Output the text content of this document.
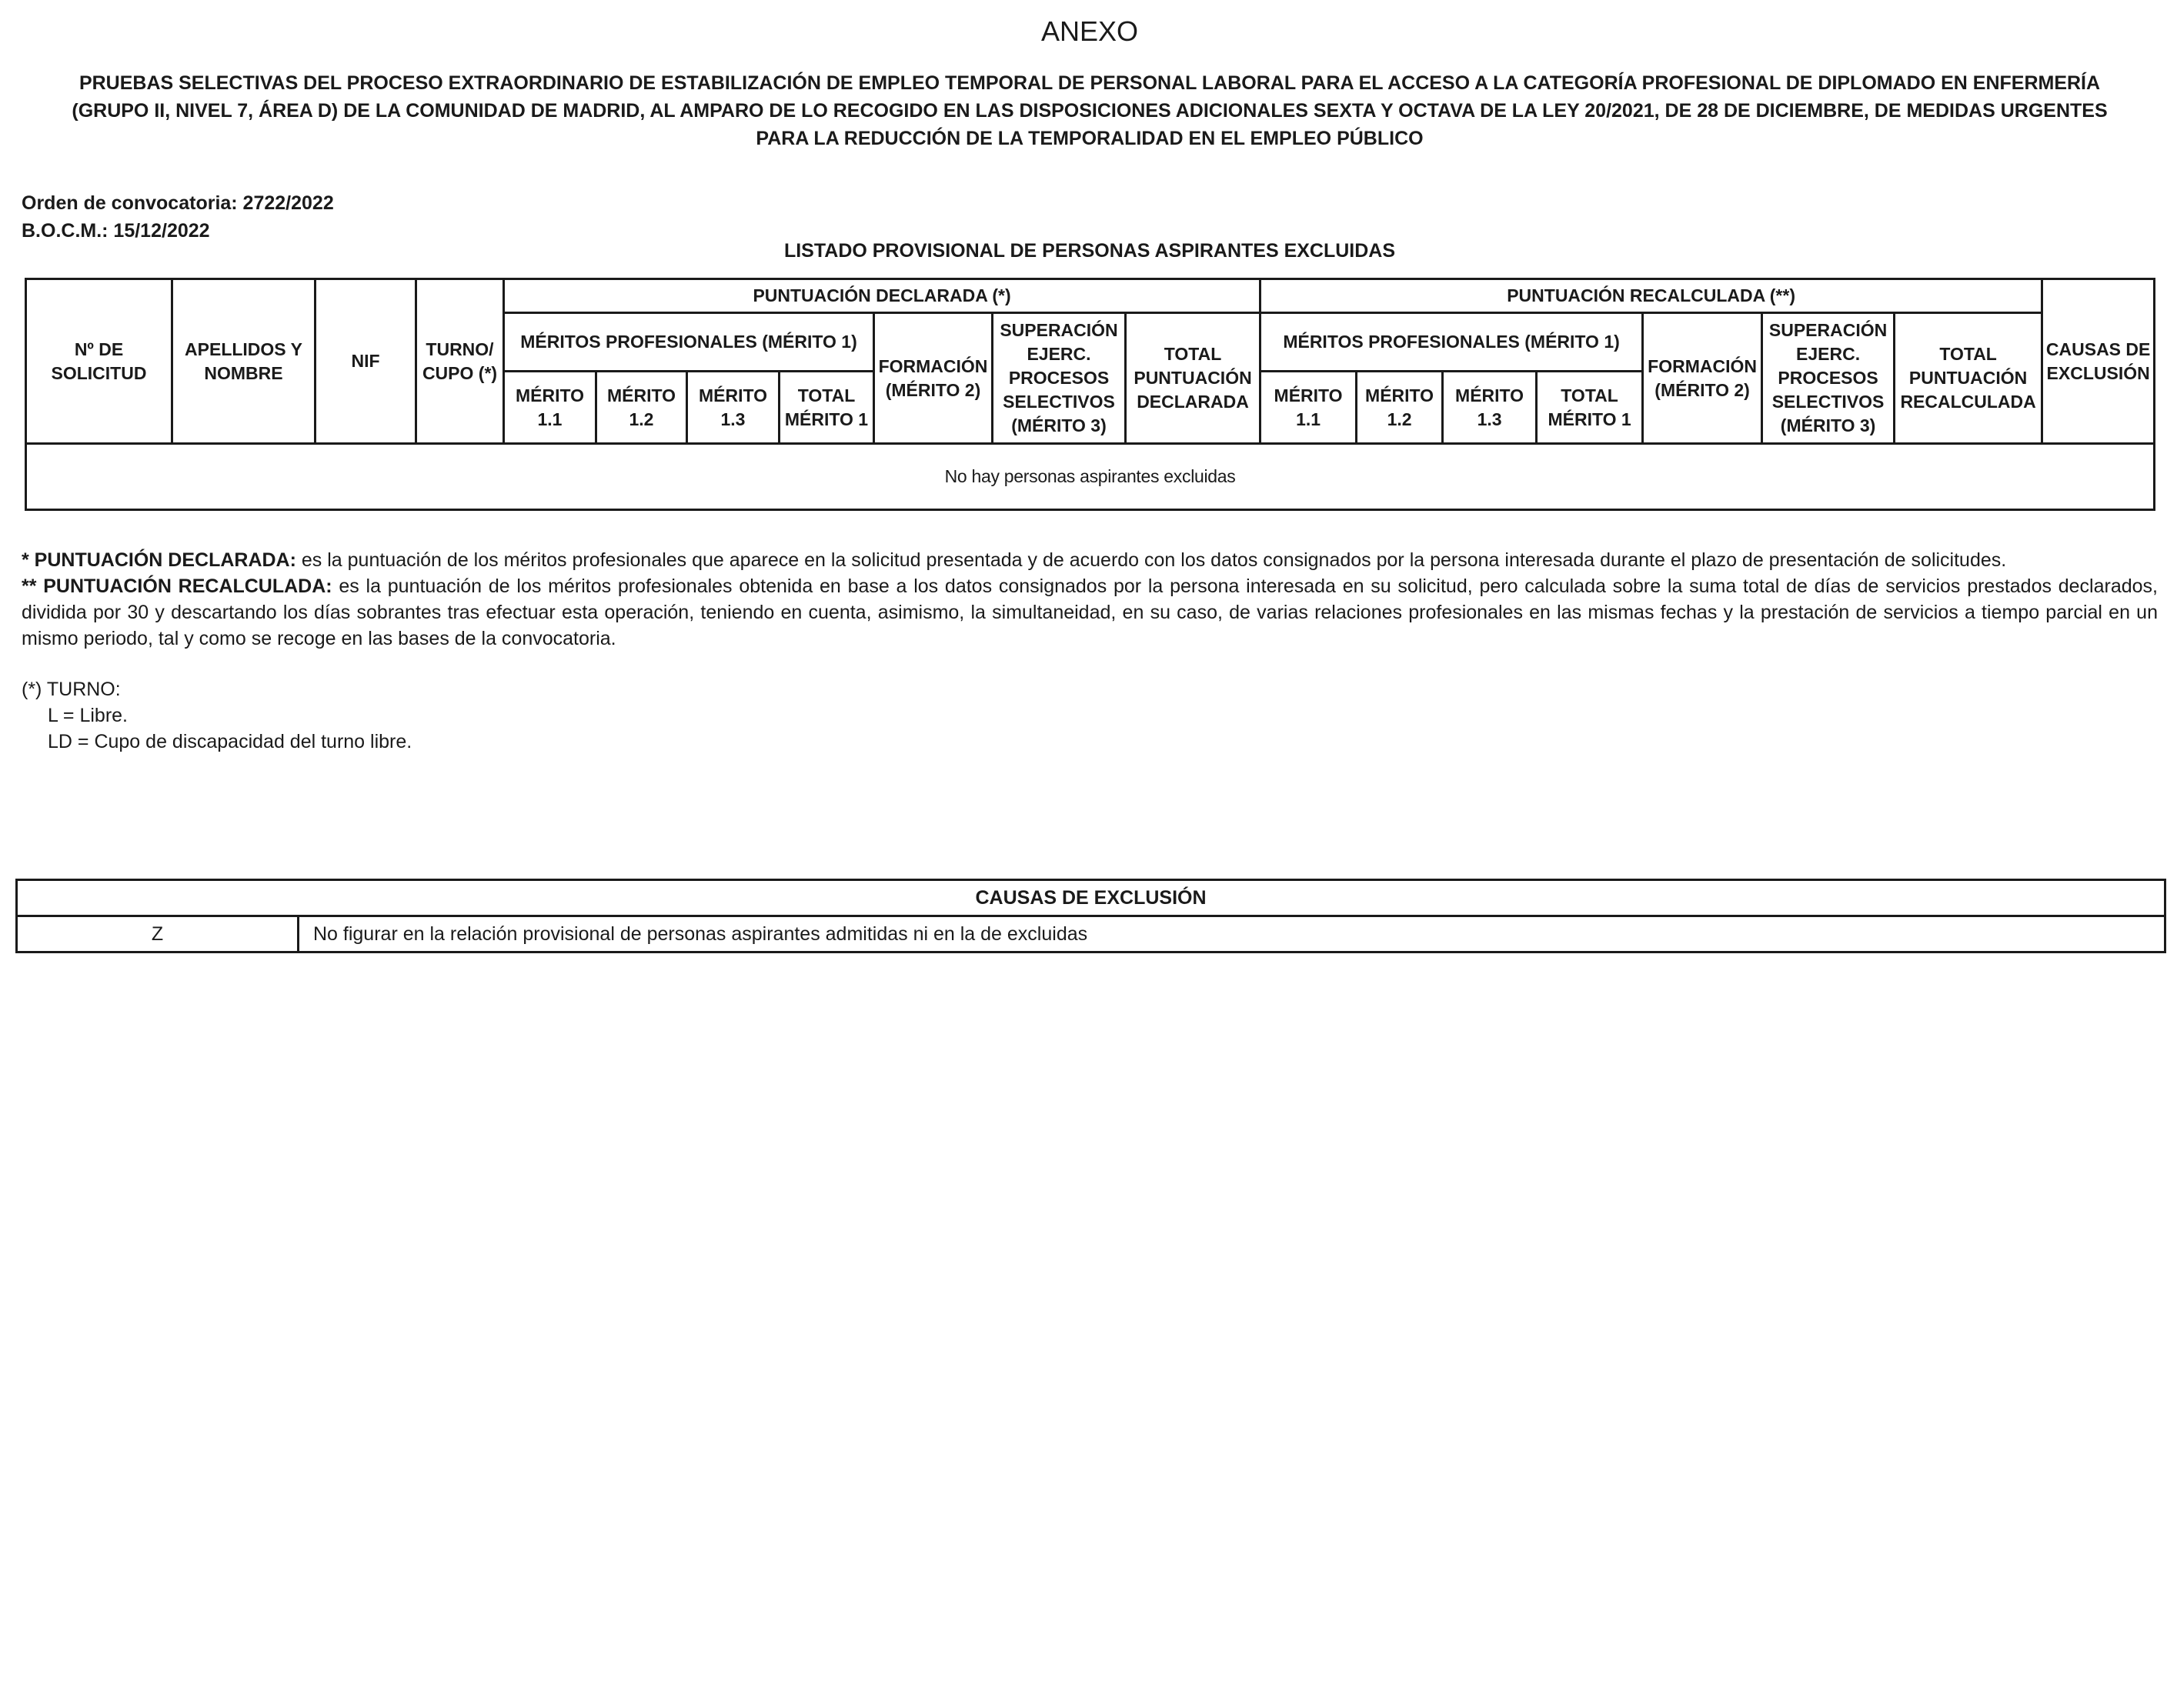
ANEXO
PRUEBAS SELECTIVAS DEL PROCESO EXTRAORDINARIO DE ESTABILIZACIÓN DE EMPLEO TEMPORAL DE PERSONAL LABORAL PARA EL ACCESO A LA CATEGORÍA PROFESIONAL DE DIPLOMADO EN ENFERMERÍA (GRUPO II, NIVEL 7, ÁREA D) DE LA COMUNIDAD DE MADRID, AL AMPARO DE LO RECOGIDO EN LAS DISPOSICIONES ADICIONALES SEXTA Y OCTAVA DE LA LEY 20/2021, DE 28 DE DICIEMBRE, DE MEDIDAS URGENTES PARA LA REDUCCIÓN DE LA TEMPORALIDAD EN EL EMPLEO PÚBLICO
Orden de convocatoria: 2722/2022
B.O.C.M.: 15/12/2022
LISTADO PROVISIONAL DE PERSONAS ASPIRANTES EXCLUIDAS
Nº DE SOLICITUD	APELLIDOS Y NOMBRE	NIF	TURNO/ CUPO (*)	PUNTUACIÓN DECLARADA (*)							PUNTUACIÓN RECALCULADA (**)							CAUSAS DE EXCLUSIÓN
				MÉRITOS PROFESIONALES (MÉRITO 1)				FORMACIÓN (MÉRITO 2)	SUPERACIÓN EJERC. PROCESOS SELECTIVOS (MÉRITO 3)	TOTAL PUNTUACIÓN DECLARADA	MÉRITOS PROFESIONALES (MÉRITO 1)				FORMACIÓN (MÉRITO 2)	SUPERACIÓN EJERC. PROCESOS SELECTIVOS (MÉRITO 3)	TOTAL PUNTUACIÓN RECALCULADA	
				MÉRITO 1.1	MÉRITO 1.2	MÉRITO 1.3	TOTAL MÉRITO 1				MÉRITO 1.1	MÉRITO 1.2	MÉRITO 1.3	TOTAL MÉRITO 1				
No hay personas aspirantes excluidas																		

* PUNTUACIÓN DECLARADA: es la puntuación de los méritos profesionales que aparece en la solicitud presentada y de acuerdo con los datos consignados por la persona interesada durante el plazo de presentación de solicitudes.

** PUNTUACIÓN RECALCULADA: es la puntuación de los méritos profesionales obtenida en base a los datos consignados por la persona interesada en su solicitud, pero calculada sobre la suma total de días de servicios prestados declarados, dividida por 30 y descartando los días sobrantes tras efectuar esta operación, teniendo en cuenta, asimismo, la simultaneidad, en su caso, de varias relaciones profesionales en las mismas fechas y la prestación de servicios a tiempo parcial en un mismo periodo, tal y como se recoge en las bases de la convocatoria.

(*) TURNO:
L = Libre.
LD = Cupo de discapacidad del turno libre.
CAUSAS DE EXCLUSIÓN
Z	No figurar en la relación provisional de personas aspirantes admitidas ni en la de excluidas
